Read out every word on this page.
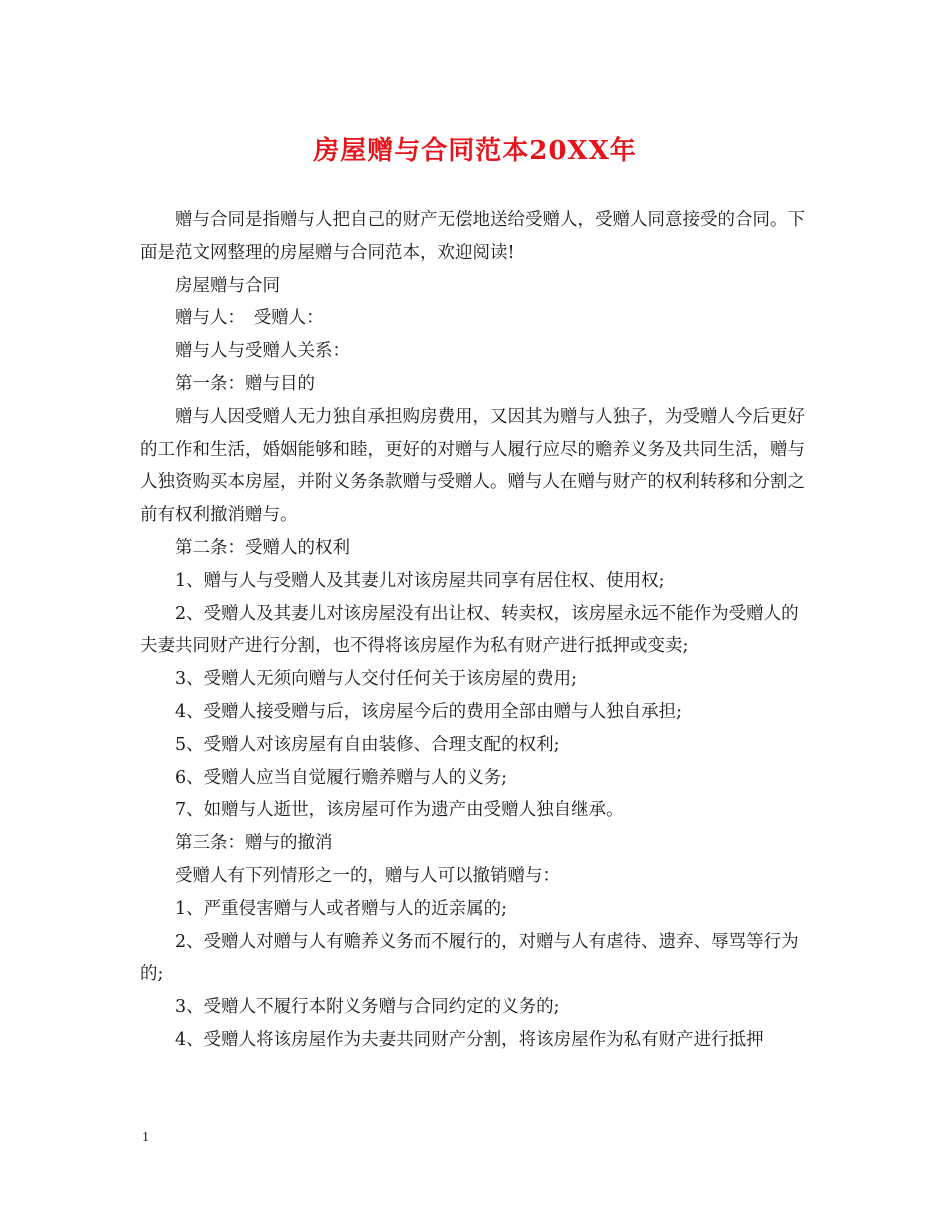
房屋赠与合同范本20XX年

赠与合同是指赠与人把自己的财产无偿地送给受赠人，受赠人同意接受的合同。下面是范文网整理的房屋赠与合同范本，欢迎阅读!

房屋赠与合同

赠与人：　受赠人：

赠与人与受赠人关系：

第一条：赠与目的

赠与人因受赠人无力独自承担购房费用，又因其为赠与人独子，为受赠人今后更好的工作和生活，婚姻能够和睦，更好的对赠与人履行应尽的赡养义务及共同生活，赠与人独资购买本房屋，并附义务条款赠与受赠人。赠与人在赠与财产的权利转移和分割之前有权利撤消赠与。

第二条：受赠人的权利

1、赠与人与受赠人及其妻儿对该房屋共同享有居住权、使用权;

2、受赠人及其妻儿对该房屋没有出让权、转卖权，该房屋永远不能作为受赠人的夫妻共同财产进行分割，也不得将该房屋作为私有财产进行抵押或变卖;

3、受赠人无须向赠与人交付任何关于该房屋的费用;

4、受赠人接受赠与后，该房屋今后的费用全部由赠与人独自承担;

5、受赠人对该房屋有自由装修、合理支配的权利;

6、受赠人应当自觉履行赡养赠与人的义务;

7、如赠与人逝世，该房屋可作为遗产由受赠人独自继承。

第三条：赠与的撤消

受赠人有下列情形之一的，赠与人可以撤销赠与：

1、严重侵害赠与人或者赠与人的近亲属的;

2、受赠人对赠与人有赡养义务而不履行的，对赠与人有虐待、遗弃、辱骂等行为的;

3、受赠人不履行本附义务赠与合同约定的义务的;

4、受赠人将该房屋作为夫妻共同财产分割，将该房屋作为私有财产进行抵押

1
